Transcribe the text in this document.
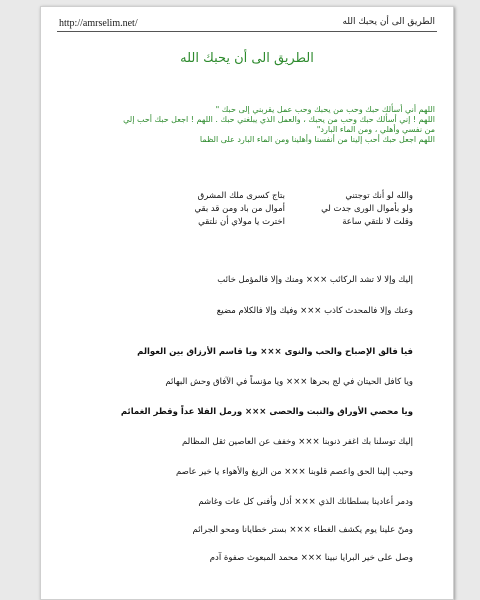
http://amrselim.net/	الطريق الى أن يحبك الله
الطريق الى أن يحبك الله

اللهم أني أسألك حبك وحب من يحبك وحب عمل يقربني إلى حبك "

اللهم ! إني أسألك حبك وحب من يحبك ، والعمل الذي يبلغني حبك . اللهم ! اجعل حبك أحب إلي

من نفسي وأهلي ، ومن الماء البارد"

اللهم اجعل حبك أحب إلينا من أنفسنا وأهلينا ومن الماء البارد على الظما

والله لو أنك توجتني
بتاج كسرى ملك المشرق
ولو بأموال الورى جدت لي
أموال من باد ومن قد بقي
وقلت لا نلتقي ساعة
اخترت يا مولاي أن نلتقي
إليك وإلا لا تشد الركائب ××× ومنك وإلا فالمؤمل خائب
وعنك وإلا فالمحدث كاذب ××× وفيك وإلا فالكلام مضيع
فيا فالق الإصباح والحب والنوى ××× ويا قاسم الأرزاق بين العوالم
ويا كافل الحيتان في لج بحرها ××× ويا مؤنساً في الآفاق وحش البهائم
ويا محصي الأوراق والنبت والحصى ××× ورمل الفلا عداً وقطر الغمائم
إليك توسلنا بك اغفر ذنوبنا ××× وخفف عن العاصين ثقل المظالم
وحبب إلينا الحق واعصم قلوبنا ××× من الزيغ والأهواء يا خير عاصم
ودمر أعادينا بسلطانك الذي ××× أذل وأفنى كل عات وغاشم
ومنّ علينا يوم يكشف الغطاء ××× بستر خطايانا ومحو الجرائم
وصل على خير البرايا نبينا ××× محمد المبعوث صفوة آدم
